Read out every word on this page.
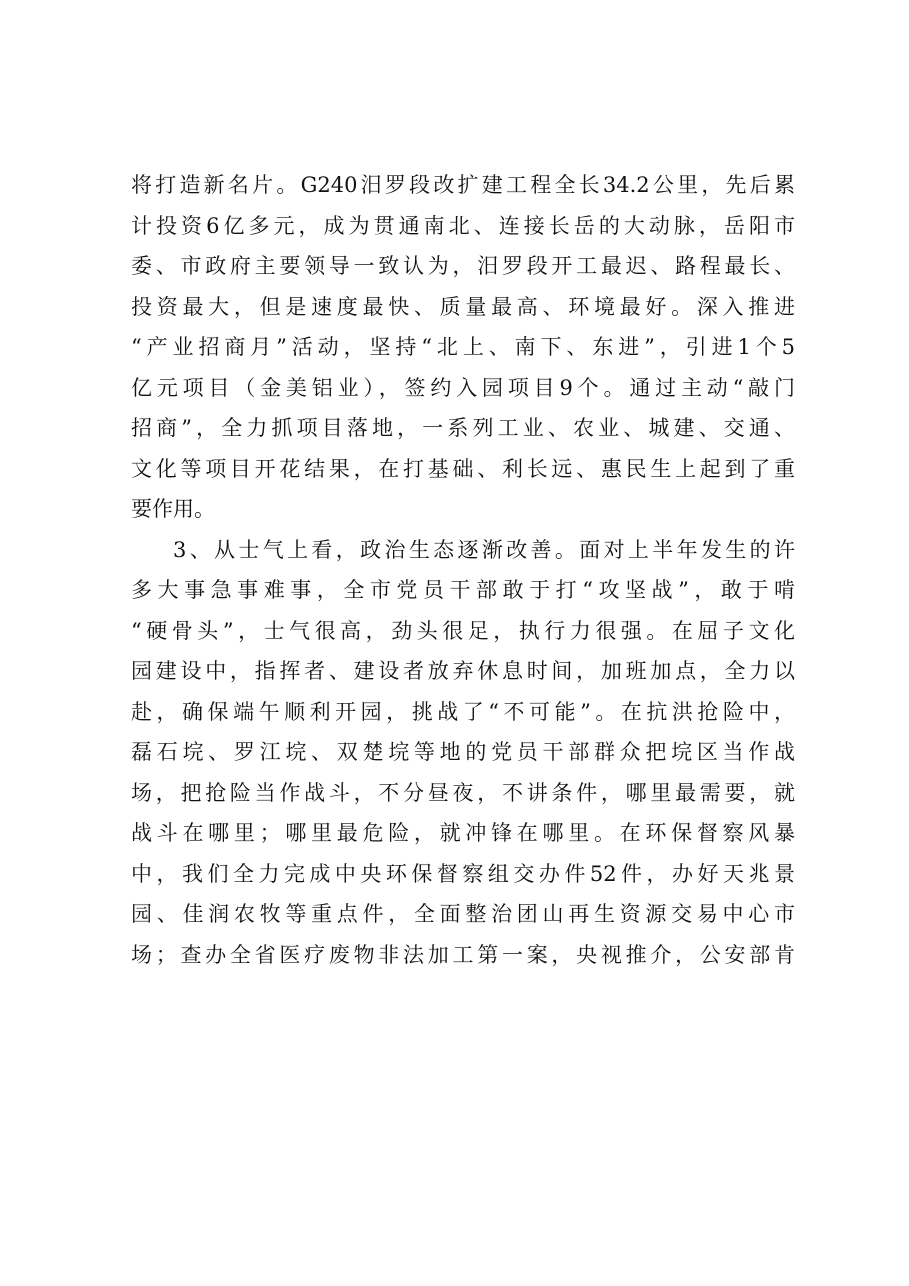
将打造新名片。G240汨罗段改扩建工程全长34.2公里，先后累
计投资6亿多元，成为贯通南北、连接长岳的大动脉，岳阳市
委、市政府主要领导一致认为，汨罗段开工最迟、路程最长、
投资最大，但是速度最快、质量最高、环境最好。深入推进
“产业招商月”活动，坚持“北上、南下、东进”，引进1个5
亿元项目（金美铝业），签约入园项目9个。通过主动“敲门
招商”，全力抓项目落地，一系列工业、农业、城建、交通、
文化等项目开花结果，在打基础、利长远、惠民生上起到了重
要作用。
3、从士气上看，政治生态逐渐改善。面对上半年发生的许
多大事急事难事，全市党员干部敢于打“攻坚战”，敢于啃
“硬骨头”，士气很高，劲头很足，执行力很强。在屈子文化
园建设中，指挥者、建设者放弃休息时间，加班加点，全力以
赴，确保端午顺利开园，挑战了“不可能”。在抗洪抢险中，
磊石垸、罗江垸、双楚垸等地的党员干部群众把垸区当作战
场，把抢险当作战斗，不分昼夜，不讲条件，哪里最需要，就
战斗在哪里；哪里最危险，就冲锋在哪里。在环保督察风暴
中，我们全力完成中央环保督察组交办件52件，办好天兆景
园、佳润农牧等重点件，全面整治团山再生资源交易中心市
场；查办全省医疗废物非法加工第一案，央视推介，公安部肯
